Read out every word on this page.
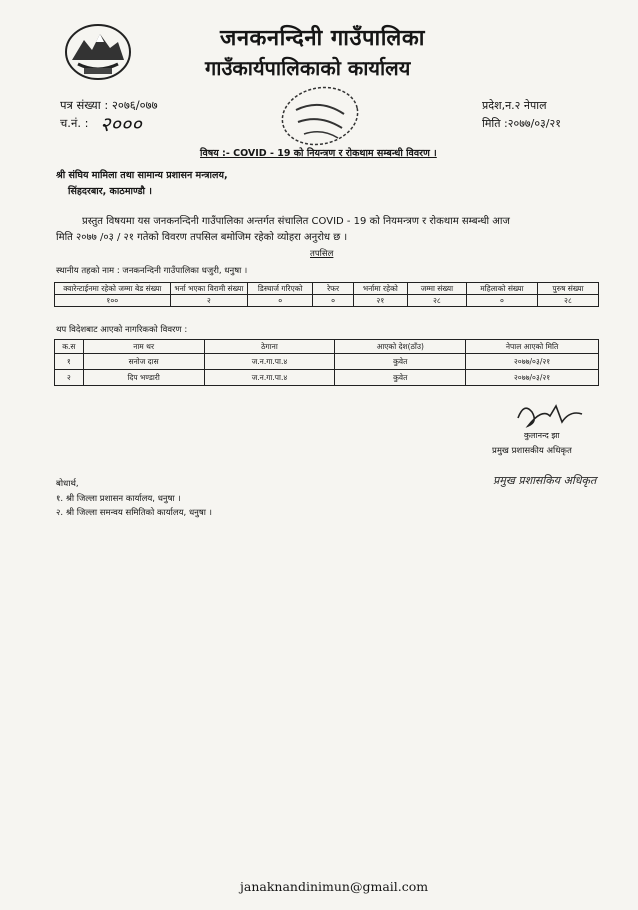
जनकनन्दिनी गाउँपालिका
गाउँकार्यपालिकाको कार्यालय
पत्र संख्या : २०७६/०७७
च.नं. : २०००
प्रदेश,न.२ नेपाल
मिति :२०७७/०३/२१
विषय :- COVID - 19 को नियन्त्रण र रोकथाम सम्बन्धी विवरण ।
श्री संघिय मामिला तथा सामान्य प्रशासन मन्त्रालय,
सिंहदरबार, काठमाण्डौ ।
प्रस्तुत विषयमा यस जनकनन्दिनी गाउँपालिका अन्तर्गत संचालित COVID - 19 को नियमन्त्रण र रोकथाम सम्बन्धी आज
मिति २०७७ /०३ / २१ गतेको विवरण तपसिल बमोजिम रहेको व्योहरा अनुरोध छ ।
तपसिल
स्थानीय तहको नाम : जनकनन्दिनी गाउँपालिका धजुरी, धनुषा ।
क्वारेन्टाईनमा रहेको जम्मा बेड संख्या	भर्ना भएका विरामी संख्या	डिस्चार्ज गरिएको	रेफर	भर्नामा रहेको	जम्मा संख्या	महिलाको संख्या	पुरुष संख्या
१००	२	०	०	२१	२८	०	२८
थप विदेशबाट आएको नागरिकको विवरण :
क.स	नाम थर	ठेगाना	आएको देश(ठाँउ)	नेपाल आएको मिति
१	सनोज दास	ज.न.गा.पा.४	कुवेत	२०७७/०३/२१
२	दिप भण्डारी	ज.न.गा.पा.४	कुवेत	२०७७/०३/२१
कुलानन्द झा
प्रमुख प्रशासकीय अधिकृत
प्रमुख प्रशासकिय अधिकृत
बोधार्थ,
१. श्री जिल्ला प्रशासन कार्यालय, धनुषा ।
२. श्री जिल्ला समन्वय समितिको कार्यालय, धनुषा ।
janaknandinimun@gmail.com
